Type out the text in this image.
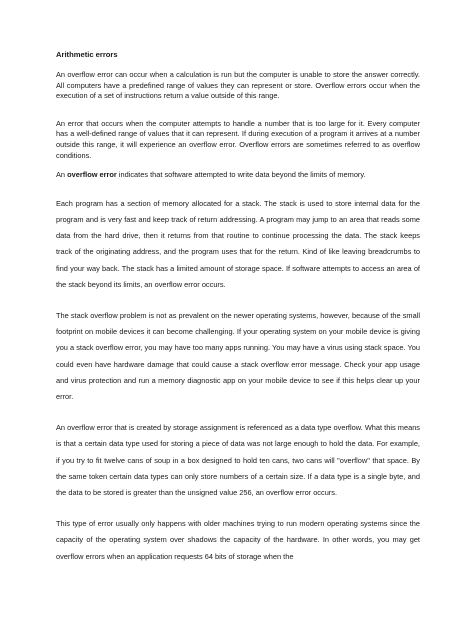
Arithmetic errors

An overflow error can occur when a calculation is run but the computer is unable to store the answer correctly. All computers have a predefined range of values they can represent or store. Overflow errors occur when the execution of a set of instructions return a value outside of this range.

An error that occurs when the computer attempts to handle a number that is too large for it. Every computer has a well-defined range of values that it can represent. If during execution of a program it arrives at a number outside this range, it will experience an overflow error. Overflow errors are sometimes referred to as overflow conditions.

An overflow error indicates that software attempted to write data beyond the limits of memory.

Each program has a section of memory allocated for a stack. The stack is used to store internal data for the program and is very fast and keep track of return addressing. A program may jump to an area that reads some data from the hard drive, then it returns from that routine to continue processing the data. The stack keeps track of the originating address, and the program uses that for the return. Kind of like leaving breadcrumbs to find your way back. The stack has a limited amount of storage space. If software attempts to access an area of the stack beyond its limits, an overflow error occurs.

The stack overflow problem is not as prevalent on the newer operating systems, however, because of the small footprint on mobile devices it can become challenging. If your operating system on your mobile device is giving you a stack overflow error, you may have too many apps running. You may have a virus using stack space. You could even have hardware damage that could cause a stack overflow error message. Check your app usage and virus protection and run a memory diagnostic app on your mobile device to see if this helps clear up your error.

An overflow error that is created by storage assignment is referenced as a data type overflow. What this means is that a certain data type used for storing a piece of data was not large enough to hold the data. For example, if you try to fit twelve cans of soup in a box designed to hold ten cans, two cans will "overflow" that space. By the same token certain data types can only store numbers of a certain size. If a data type is a single byte, and the data to be stored is greater than the unsigned value 256, an overflow error occurs.

This type of error usually only happens with older machines trying to run modern operating systems since the capacity of the operating system over shadows the capacity of the hardware. In other words, you may get overflow errors when an application requests 64 bits of storage when the
